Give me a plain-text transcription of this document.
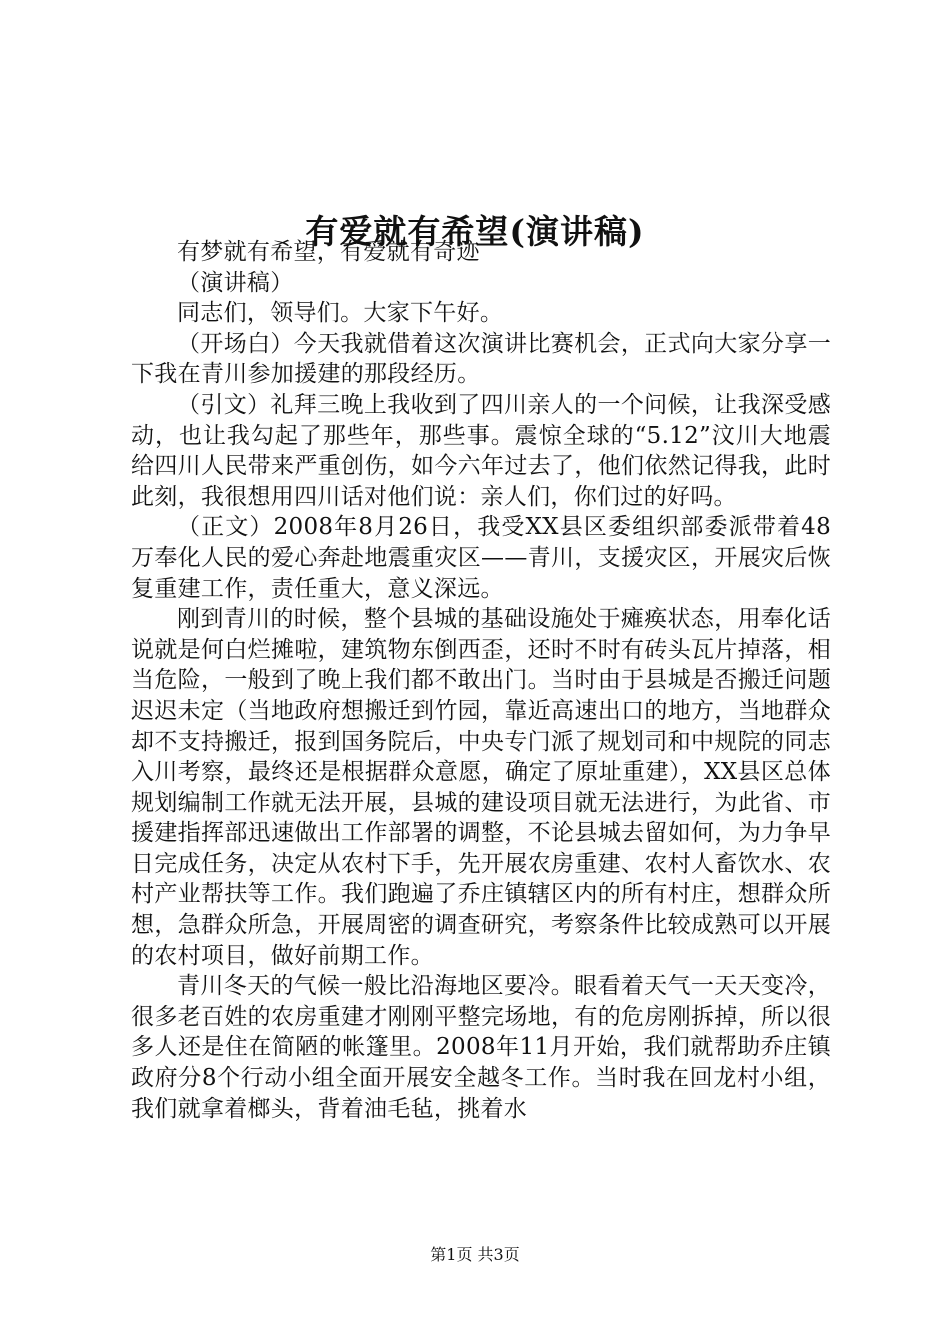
有爱就有希望(演讲稿)

有梦就有希望，有爱就有奇迹

（演讲稿）

同志们，领导们。大家下午好。

（开场白）今天我就借着这次演讲比赛机会，正式向大家分享一下我在青川参加援建的那段经历。

（引文）礼拜三晚上我收到了四川亲人的一个问候，让我深受感动，也让我勾起了那些年，那些事。震惊全球的“5.12”汶川大地震给四川人民带来严重创伤，如今六年过去了，他们依然记得我，此时此刻，我很想用四川话对他们说：亲人们，你们过的好吗。

（正文）2008年8月26日，我受XX县区委组织部委派带着48万奉化人民的爱心奔赴地震重灾区——青川，支援灾区，开展灾后恢复重建工作，责任重大，意义深远。

刚到青川的时候，整个县城的基础设施处于瘫痪状态，用奉化话说就是何白烂摊啦，建筑物东倒西歪，还时不时有砖头瓦片掉落，相当危险，一般到了晚上我们都不敢出门。当时由于县城是否搬迁问题迟迟未定（当地政府想搬迁到竹园，靠近高速出口的地方，当地群众却不支持搬迁，报到国务院后，中央专门派了规划司和中规院的同志入川考察，最终还是根据群众意愿，确定了原址重建），XX县区总体规划编制工作就无法开展，县城的建设项目就无法进行，为此省、市援建指挥部迅速做出工作部署的调整，不论县城去留如何，为力争早日完成任务，决定从农村下手，先开展农房重建、农村人畜饮水、农村产业帮扶等工作。我们跑遍了乔庄镇辖区内的所有村庄，想群众所想，急群众所急，开展周密的调查研究，考察条件比较成熟可以开展的农村项目，做好前期工作。

青川冬天的气候一般比沿海地区要冷。眼看着天气一天天变冷，很多老百姓的农房重建才刚刚平整完场地，有的危房刚拆掉，所以很多人还是住在简陋的帐篷里。2008年11月开始，我们就帮助乔庄镇政府分8个行动小组全面开展安全越冬工作。当时我在回龙村小组，我们就拿着榔头，背着油毛毡，挑着水

第1页 共3页
